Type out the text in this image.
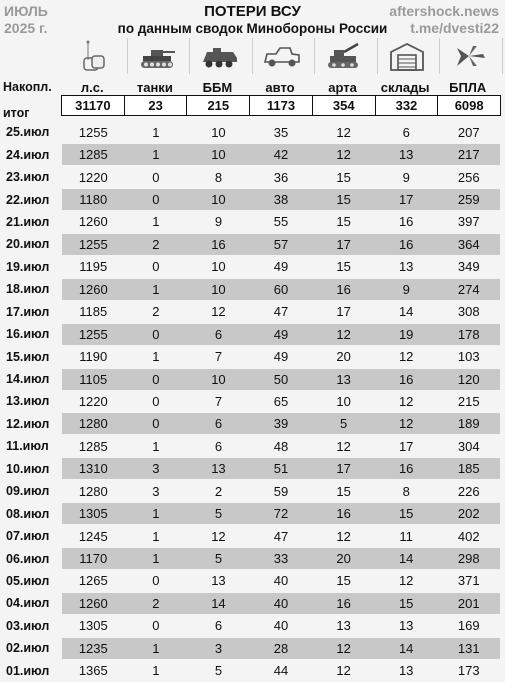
ИЮЛЬ
2025 г.
ПОТЕРИ ВСУ
по данным сводок Минобороны России
aftershock.news
t.me/dvesti22
Накопл.
итог
л.с.	танки	ББМ	авто	арта	склады	БПЛА
31170	23	215	1173	354	332	6098
25.июл	1255	1	10	35	12	6	207
24.июл	1285	1	10	42	12	13	217
23.июл	1220	0	8	36	15	9	256
22.июл	1180	0	10	38	15	17	259
21.июл	1260	1	9	55	15	16	397
20.июл	1255	2	16	57	17	16	364
19.июл	1195	0	10	49	15	13	349
18.июл	1260	1	10	60	16	9	274
17.июл	1185	2	12	47	17	14	308
16.июл	1255	0	6	49	12	19	178
15.июл	1190	1	7	49	20	12	103
14.июл	1105	0	10	50	13	16	120
13.июл	1220	0	7	65	10	12	215
12.июл	1280	0	6	39	5	12	189
11.июл	1285	1	6	48	12	17	304
10.июл	1310	3	13	51	17	16	185
09.июл	1280	3	2	59	15	8	226
08.июл	1305	1	5	72	16	15	202
07.июл	1245	1	12	47	12	11	402
06.июл	1170	1	5	33	20	14	298
05.июл	1265	0	13	40	15	12	371
04.июл	1260	2	14	40	16	15	201
03.июл	1305	0	6	40	13	13	169
02.июл	1235	1	3	28	12	14	131
01.июл	1365	1	5	44	12	13	173
